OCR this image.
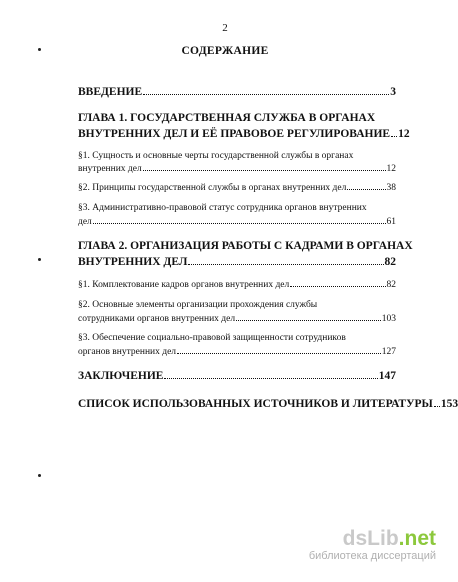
2
СОДЕРЖАНИЕ
ВВЕДЕНИЕ	3
ГЛАВА 1. ГОСУДАРСТВЕННАЯ СЛУЖБА В ОРГАНАХ
ВНУТРЕННИХ ДЕЛ И ЕЁ ПРАВОВОЕ РЕГУЛИРОВАНИЕ 12
§1. Сущность и основные черты государственной службы в органах
внутренних дел	12
§2. Принципы государственной службы в органах внутренних дел	38
§3. Административно-правовой статус сотрудника органов внутренних
дел	61
ГЛАВА 2. ОРГАНИЗАЦИЯ РАБОТЫ С КАДРАМИ В ОРГАНАХ
ВНУТРЕННИХ ДЕЛ	82
§1. Комплектование кадров органов внутренних дел	82
§2. Основные элементы организации прохождения службы
сотрудниками органов внутренних дел	103
§3. Обеспечение социально-правовой защищенности сотрудников
органов внутренних дел	127
ЗАКЛЮЧЕНИЕ	147
СПИСОК ИСПОЛЬЗОВАННЫХ ИСТОЧНИКОВ И ЛИТЕРАТУРЫ 153
dsLib.net
библиотека диссертаций
